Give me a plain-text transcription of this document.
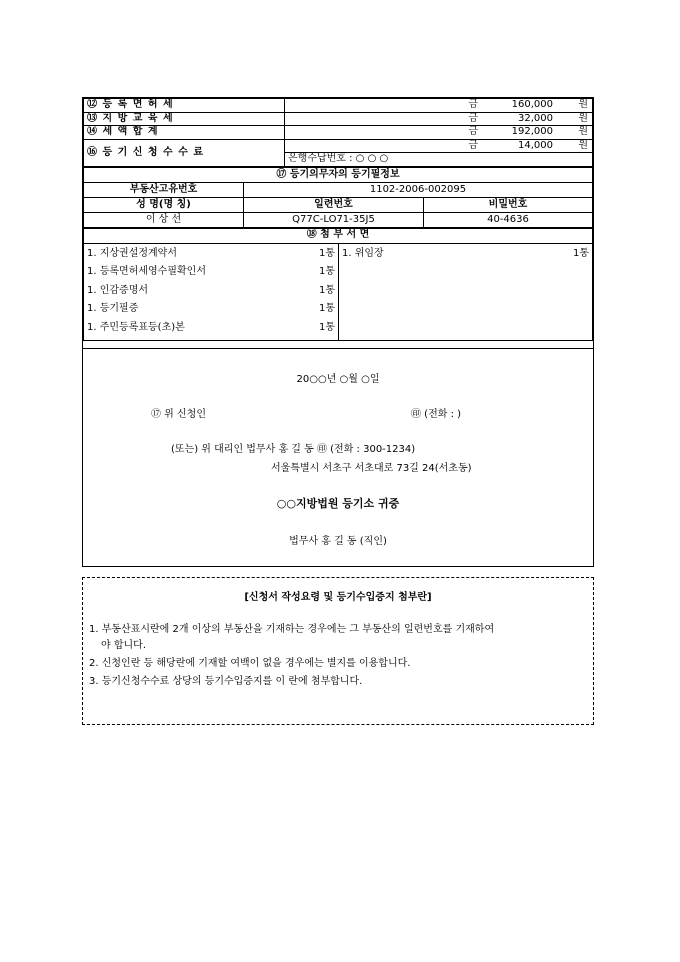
⑫ 등 록 면 허 세	금 160,000 원

⑬ 지 방 교 육 세	금 32,000 원

⑭ 세 액 합 계	금 192,000 원

⑯ 등 기 신 청 수 수 료	금 14,000 원

	은행수납번호 : ○ ○ ○
⑰ 등기의무자의 등기필정보		
부동산고유번호	1102-2006-002095	
성 명(명 칭)	일련번호	비밀번호
이 상 선	Q77C-LO71-35J5	40-4636
⑱ 첨 부 서 면

1. 지상권설정계약서	1통
1. 등록면허세영수필확인서	1통
1. 인감증명서	1통
1. 등기필증	1통
1. 주민등록표등(초)본	1통

1. 위임장	1통
20○○년 ○월 ○일
⑰ 위 신청인	㊞ (전화 : )
(또는) 위 대리인 법무사 홍 길 동 ㊞ (전화 : 300-1234)
서울특별시 서초구 서초대로 73길 24(서초동)
○○지방법원 등기소 귀중
법무사 홍 길 동 (직인)
[신청서 작성요령 및 등기수입증지 첨부란]
1. 부동산표시란에 2개 이상의 부동산을 기재하는 경우에는 그 부동산의 일련번호를 기재하여
야 합니다.
2. 신청인란 등 해당란에 기재할 여백이 없을 경우에는 별지를 이용합니다.
3. 등기신청수수료 상당의 등기수입증지를 이 란에 첨부합니다.
